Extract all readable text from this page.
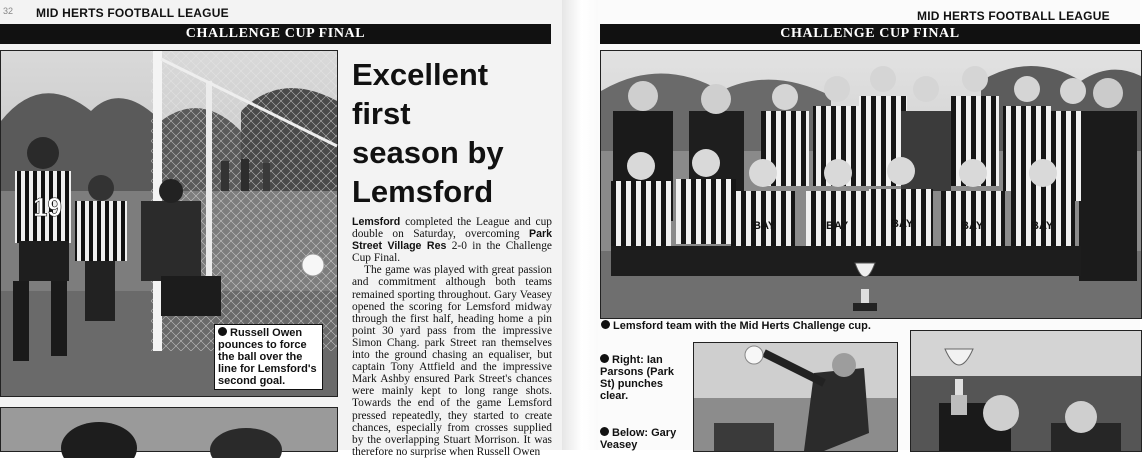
32 MID HERTS FOOTBALL LEAGUE
CHALLENGE CUP FINAL
19
Russell Owen pounces to force the ball over the line for Lemsford's second goal.
Excellent
first
season by
Lemsford

Lemsford completed the League and cup double on Saturday, overcoming Park Street Village Res 2-0 in the Challenge Cup Final.

The game was played with great passion and commitment although both teams remained sporting throughout. Gary Veasey opened the scoring for Lemsford midway through the first half, heading home a pin point 30 yard pass from the impressive Simon Chang. park Street ran themselves into the ground chasing an equaliser, but captain Tony Attfield and the impressive Mark Ashby ensured Park Street's chances were mainly kept to long range shots. Towards the end of the game Lemsford pressed repeatedly, they started to create chances, especially from crosses supplied by the overlapping Stuart Morrison. It was therefore no surprise when Russell Owen

MID HERTS FOOTBALL LEAGUE
CHALLENGE CUP FINAL
BAY	BAY	BAY	BAY	BAY
Lemsford team with the Mid Herts Challenge cup.
Right: Ian Parsons (Park St) punches clear.
Below: Gary Veasey
